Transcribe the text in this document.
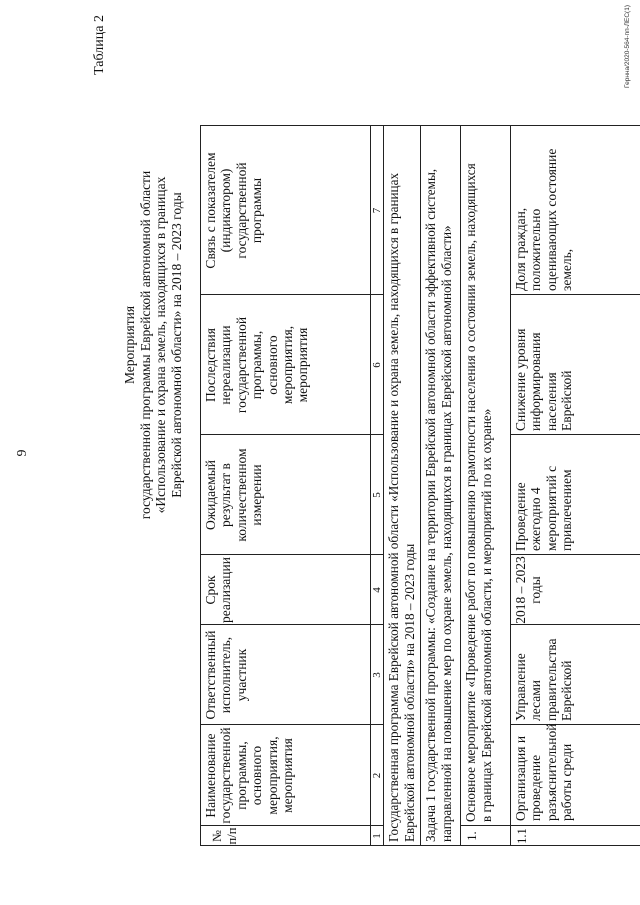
9
Таблица 2
Мероприятия государственной программы Еврейской автономной области «Использование и охрана земель, находящихся в границах Еврейской автономной области» на 2018 – 2023 годы
№
п/п
Наименование
государственной
программы,
основного
мероприятия,
мероприятия
Ответственный
исполнитель,
участник
Срок
реализации
Ожидаемый
результат в
количественном
измерении
Последствия
нереализации
государственной
программы,
основного
мероприятия,
мероприятия
Связь с показателем
(индикатором)
государственной
программы
1
2
3
4
5
6
7
Государственная программа Еврейской автономной области «Использование и охрана земель, находящихся в границах
Еврейской автономной области» на 2018 – 2023 годы
Задача 1 государственной программы: «Создание на территории Еврейской автономной области эффективной системы,
направленной на повышение мер по охране земель, находящихся в границах Еврейской автономной области»
1.
Основное мероприятие «Проведение работ по повышению грамотности населения о состоянии земель, находящихся
в границах Еврейской автономной области, и мероприятий по их охране»
1.1
Организация и
проведение
разъяснительной
работы среди
Управление
лесами
правительства
Еврейской
2018 – 2023
годы
Проведение
ежегодно 4
мероприятий с
привлечением
Снижение уровня
информирования
населения
Еврейской
Доля граждан,
положительно
оценивающих состояние
земель,
Гернна/2020-564-пп-ЛЕС(1)
